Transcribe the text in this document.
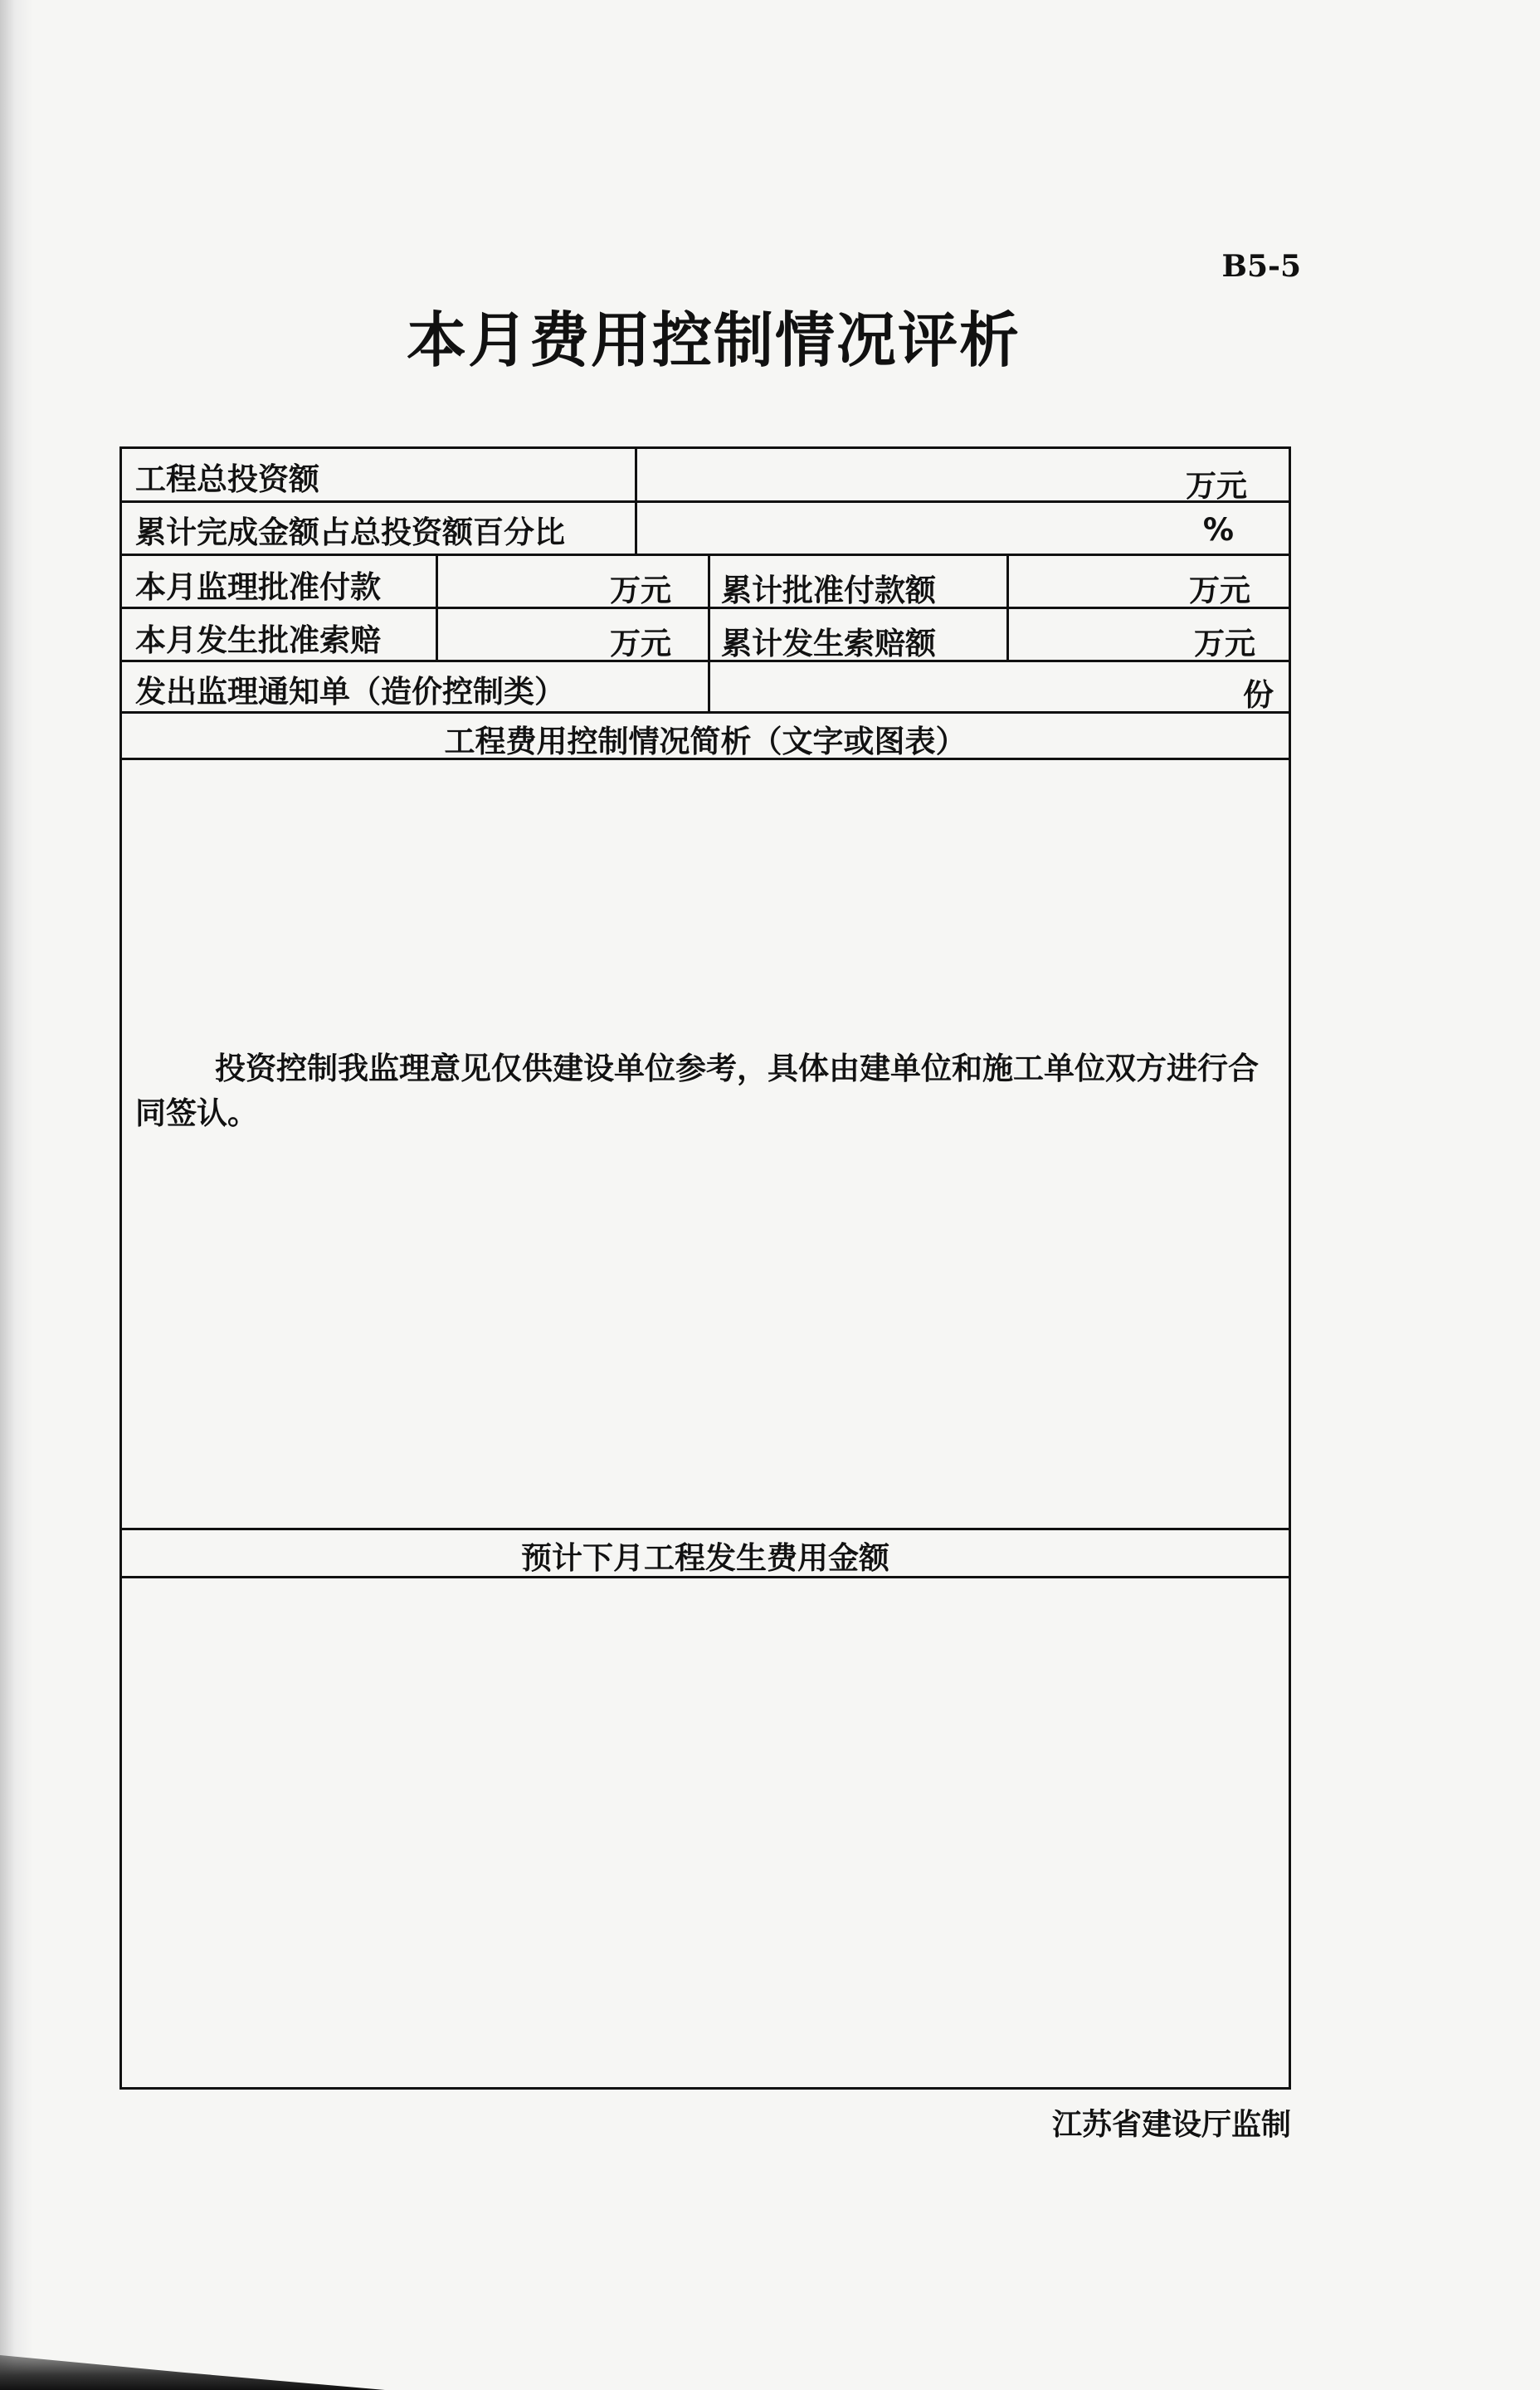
B5-5
本月费用控制情况评析
工程总投资额	万元
累计完成金额占总投资额百分比	%
本月监理批准付款	万元 累计批准付款额	万元
本月发生批准索赔	万元 累计发生索赔额	万元
发出监理通知单（造价控制类）	份
工程费用控制情况简析（文字或图表）
投资控制我监理意见仅供建设单位参考，具体由建单位和施工单位双方进行合同签认。
预计下月工程发生费用金额
江苏省建设厅监制
